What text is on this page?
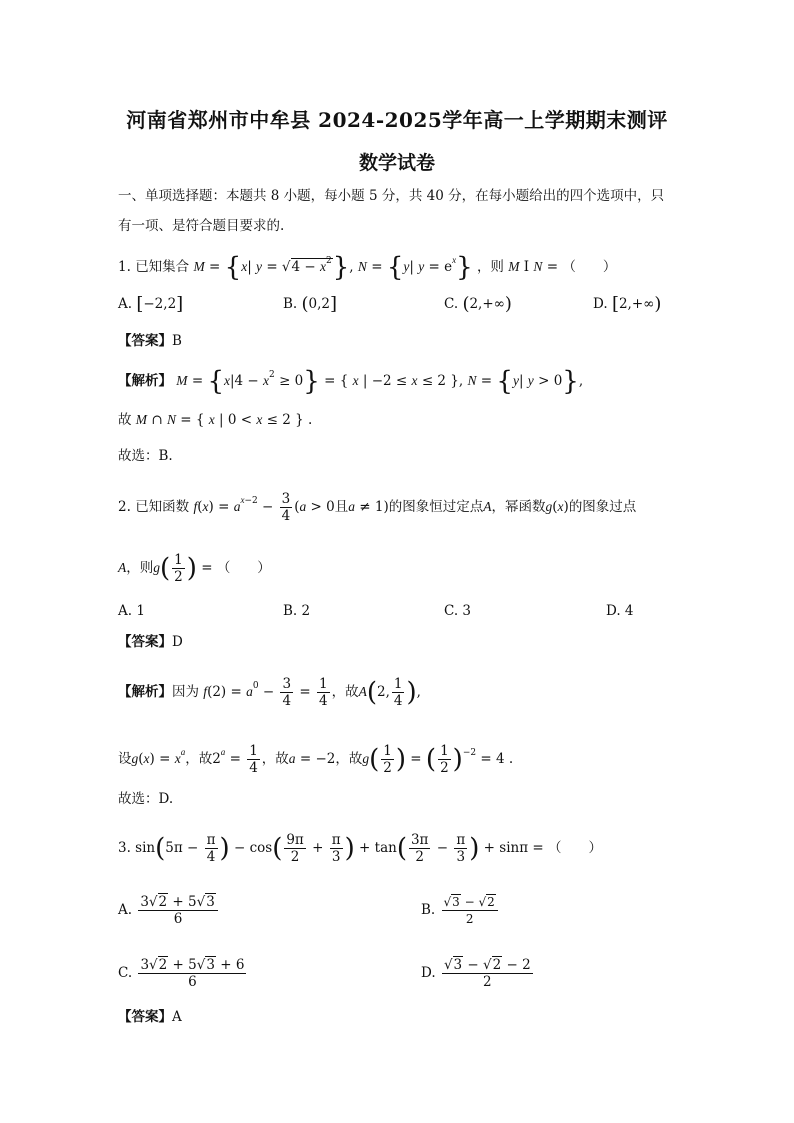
河南省郑州市中牟县 2024-2025学年高一上学期期末测评
数学试卷
一、单项选择题：本题共 8 小题，每小题 5 分，共 40 分，在每小题给出的四个选项中，只
有一项、是符合题目要求的.
1. 已知集合 M = {x| $y = √4 - x^2$}, N = {y| $y = e^x$} ，则 M I N = （　　）
A. [−2,2]	B. (0,2]	C. (2,+∞)	D. [2,+∞)
【答案】B
【解析】 $M = \{x|4 - x^2 \ge 0\}$ = { x | −2 ≤ x ≤ 2 }, N = {y| y > 0},
故 M ∩ N = { x | 0 < x ≤ 2 } .
故选：B.
2. 已知函数 $f(x) = a^{x-2} - \frac{3}{4} (a > 0$且a ≠ 1)的图象恒过定点A，幂函数g(x)的图象过点
A，则$g( \frac{1}{2}$ ) = （　　）
A. 1	B. 2	C. 3	D. 4
【答案】D
【解析】因为 $f(2) = a^0 - \frac{3}{4} = \frac{1}{4}$ ，故A(2, $\frac{1}{4}$ ),
设$g(x) = x^a$，故$2^a = \frac{1}{4}$ ，故a = −2，故$g( \frac{1}{2}$ ) = ( $\frac{1}{2} )^{-2} = 4$ .
故选：D.
3. $\sin(5\pi - \frac{\pi}{4}$ ) − $\cos( \frac{9\pi}{2} + \frac{\pi}{3}$ ) + $\tan( \frac{3\pi}{2} - \frac{\pi}{3}$ ) + sinπ = （　　）
A. $\frac{3√2 + 5√3}{6}$	B. $\frac{√3 - √2}{2}$
C. $\frac{3√2 + 5√3 + 6}{6}$	D. $\frac{√3 - √2 - 2}{2}$
【答案】A
